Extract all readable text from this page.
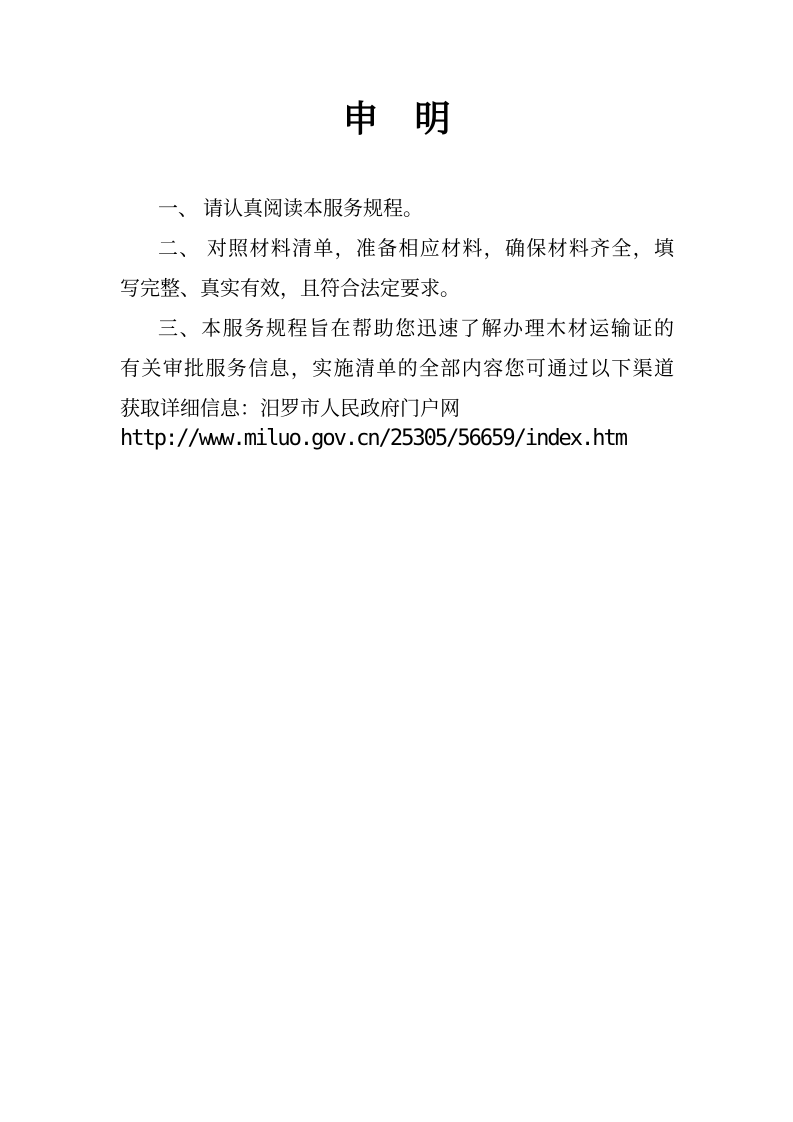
申　明
一、 请认真阅读本服务规程。
二、 对照材料清单，准备相应材料，确保材料齐全，填
写完整、真实有效，且符合法定要求。
三、本服务规程旨在帮助您迅速了解办理木材运输证的
有关审批服务信息，实施清单的全部内容您可通过以下渠道
获取详细信息：汨罗市人民政府门户网
http://www.miluo.gov.cn/25305/56659/index.htm
